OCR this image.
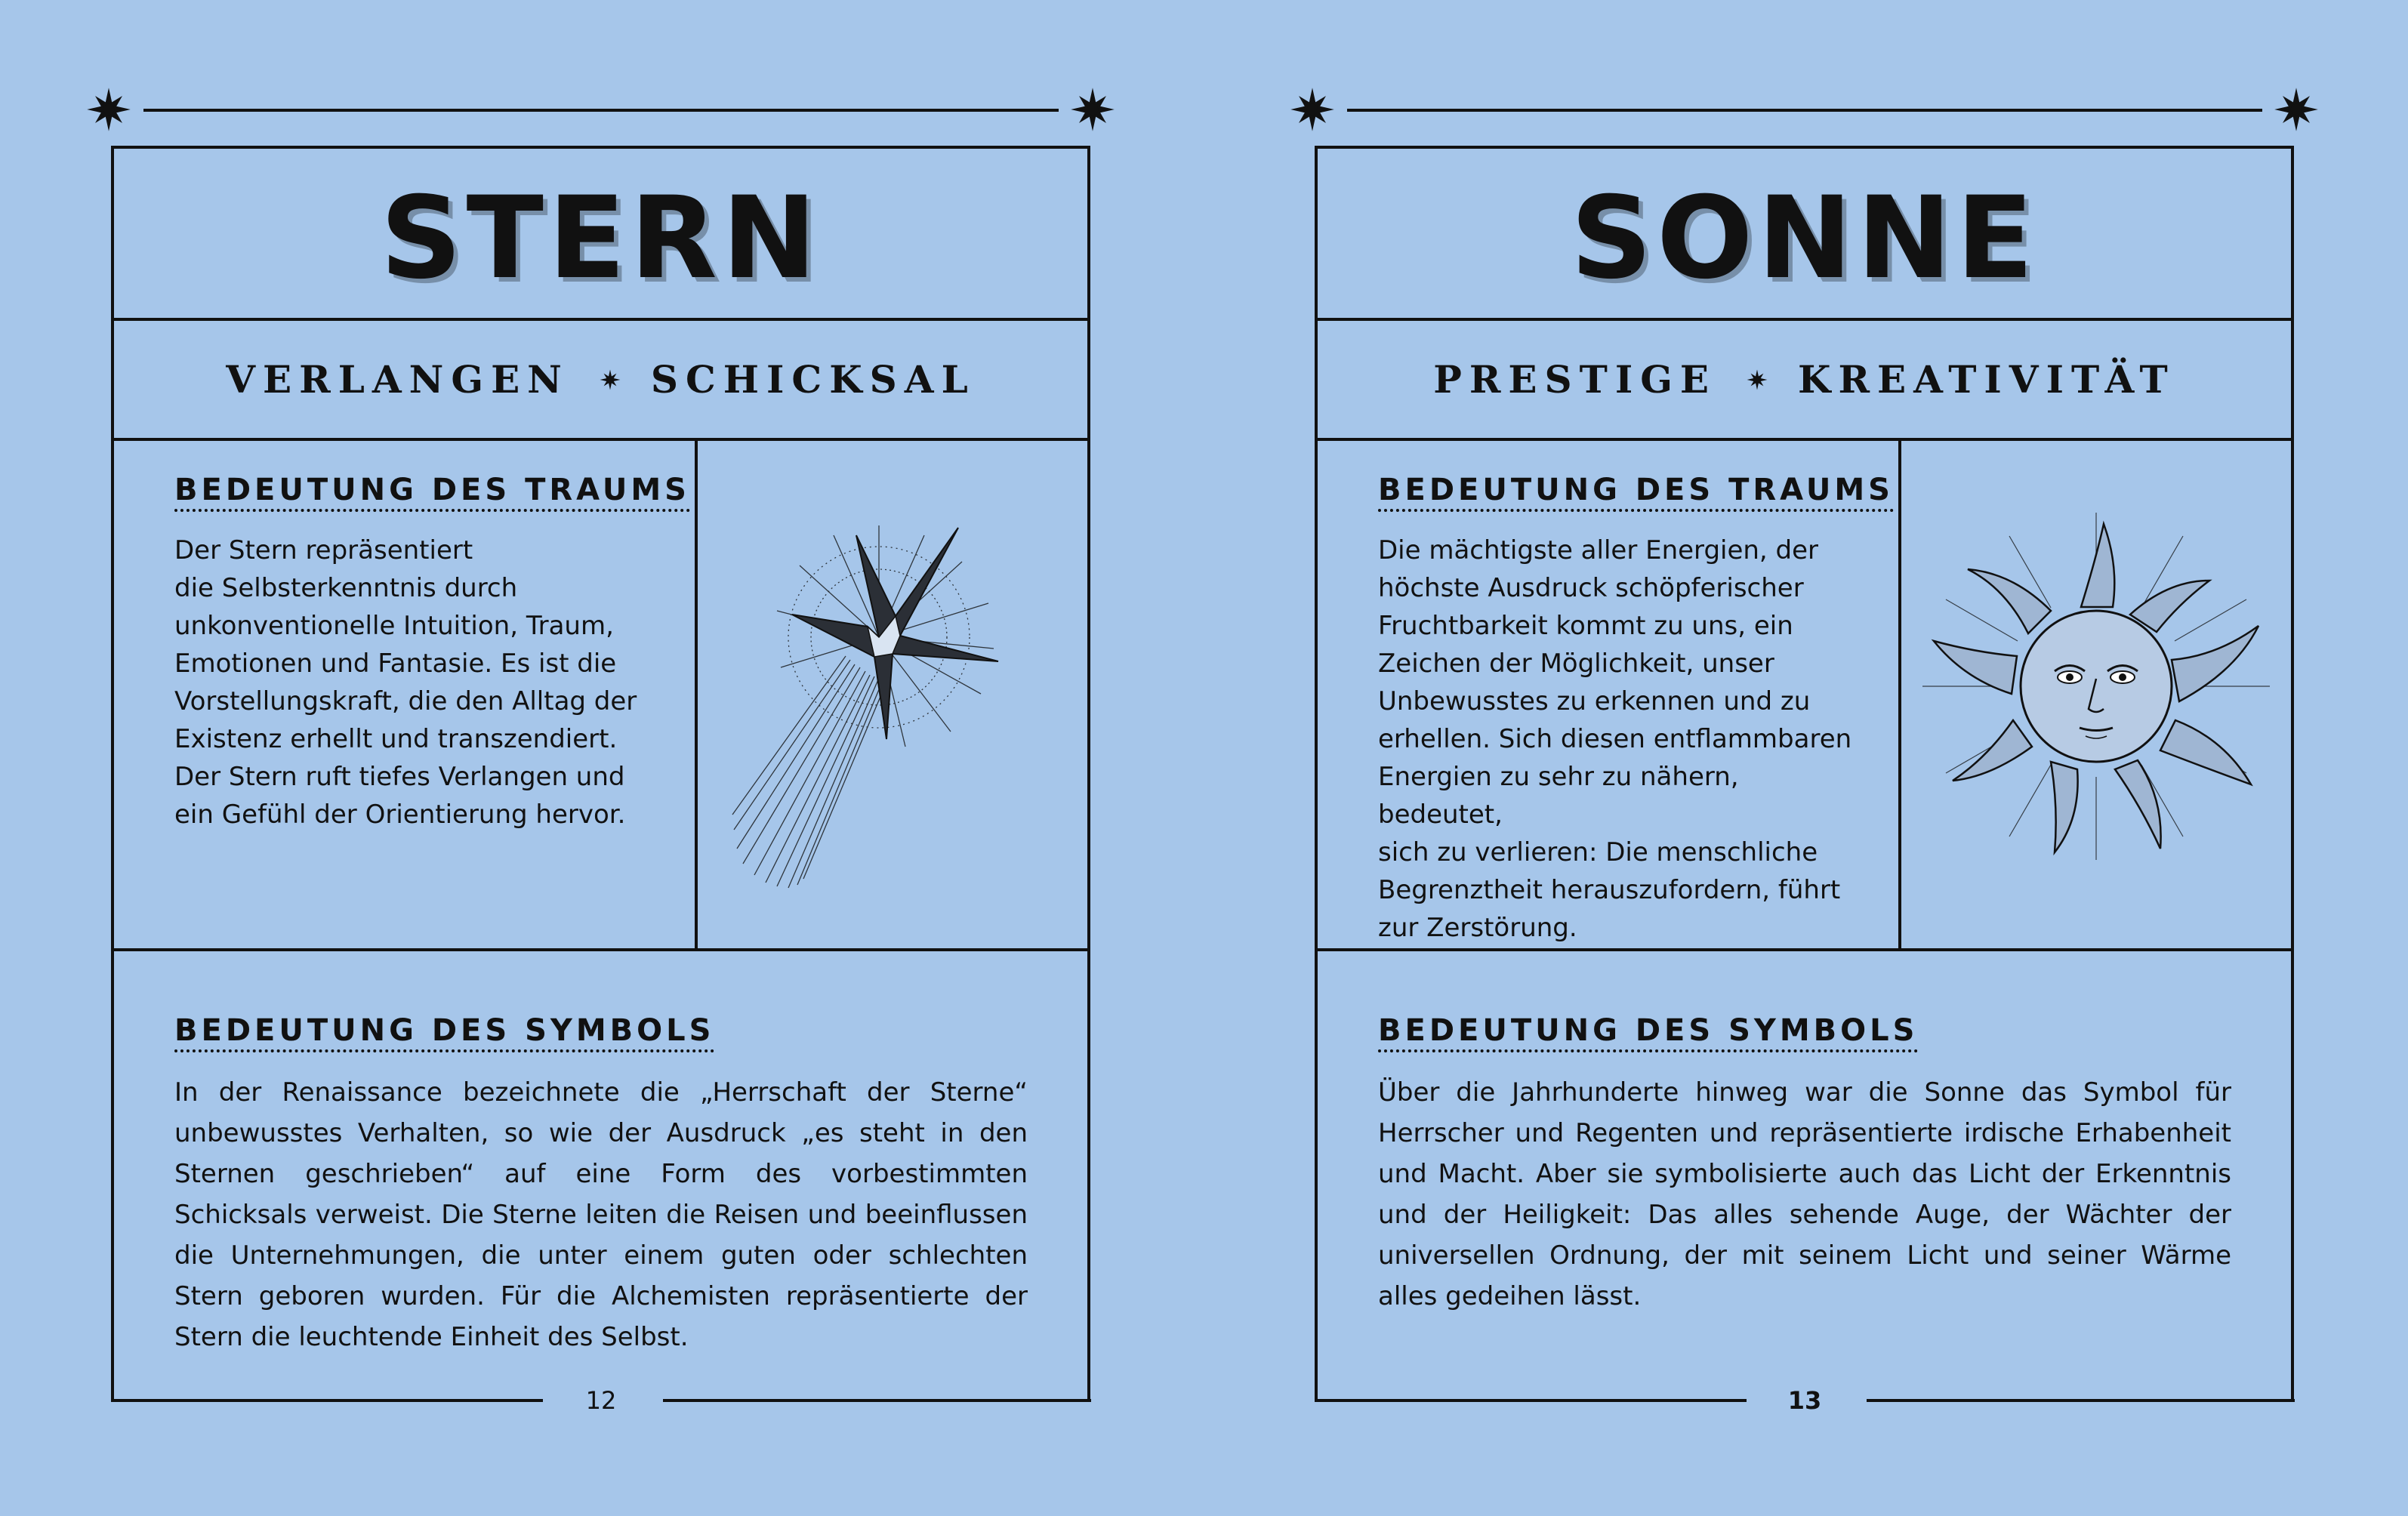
STERN
VERLANGEN SCHICKSAL
BEDEUTUNG DES TRAUMS

Der Stern repräsentiert
die Selbsterkenntnis durch
unkonventionelle Intuition, Traum,
Emotionen und Fantasie. Es ist die
Vorstellungskraft, die den Alltag der
Existenz erhellt und transzendiert.
Der Stern ruft tiefes Verlangen und
ein Gefühl der Orientierung hervor.

BEDEUTUNG DES SYMBOLS

In der Renaissance bezeichnete die „Herrschaft der Sterne“ unbewusstes Verhalten, so wie der Ausdruck „es steht in den Sternen geschrieben“ auf eine Form des vorbestimmten Schicksals verweist. Die Sterne leiten die Reisen und beeinflussen die Unternehmungen, die unter einem guten oder schlechten Stern geboren wurden. Für die Alchemisten repräsentierte der Stern die leuchtende Einheit des Selbst.

12
SONNE
PRESTIGE KREATIVITÄT
BEDEUTUNG DES TRAUMS

Die mächtigste aller Energien, der
höchste Ausdruck schöpferischer
Fruchtbarkeit kommt zu uns, ein
Zeichen der Möglichkeit, unser
Unbewusstes zu erkennen und zu
erhellen. Sich diesen entflammbaren
Energien zu sehr zu nähern, bedeutet,
sich zu verlieren: Die menschliche
Begrenztheit herauszufordern, führt
zur Zerstörung.

BEDEUTUNG DES SYMBOLS

Über die Jahrhunderte hinweg war die Sonne das Symbol für Herrscher und Regenten und repräsentierte irdische Erhabenheit und Macht. Aber sie symbolisierte auch das Licht der Erkenntnis und der Heiligkeit: Das alles sehende Auge, der Wächter der universellen Ordnung, der mit seinem Licht und seiner Wärme alles gedeihen lässt.

13
